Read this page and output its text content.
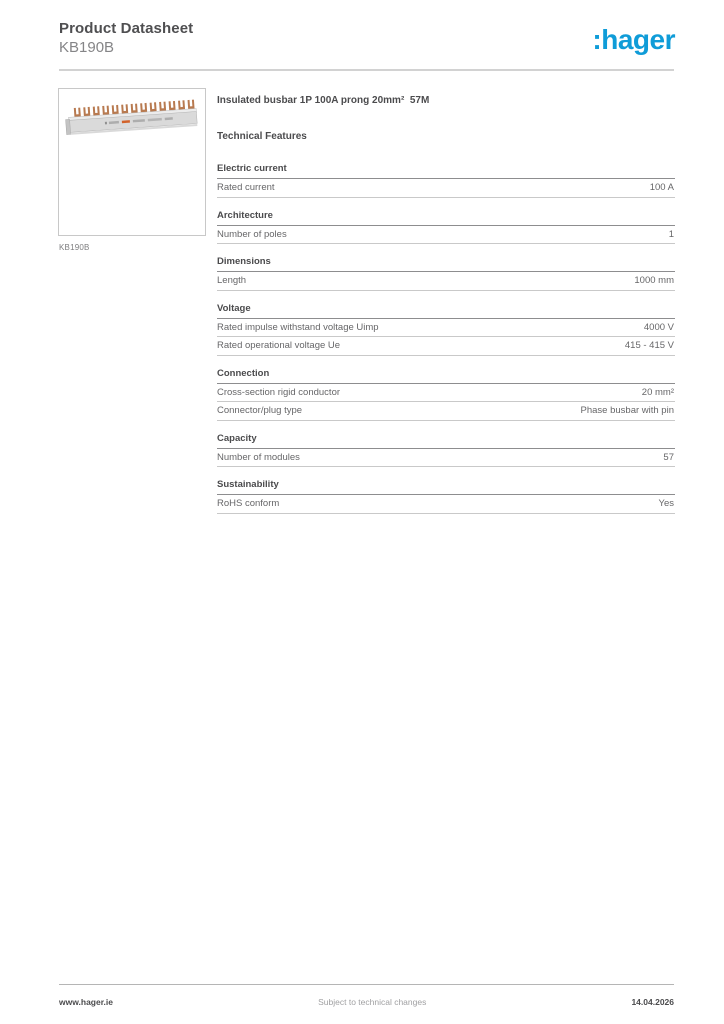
Product Datasheet
KB190B	:hager
KB190B
Insulated busbar 1P 100A prong 20mm²  57M
Technical Features
Electric current
Rated current	100 A
Architecture
Number of poles	1
Dimensions
Length	1000 mm
Voltage
Rated impulse withstand voltage Uimp	4000 V
Rated operational voltage Ue	415 - 415 V
Connection
Cross-section rigid conductor	20 mm²
Connector/plug type	Phase busbar with pin
Capacity
Number of modules	57
Sustainability
RoHS conform	Yes
www.hager.ie	Subject to technical changes	14.04.2026
